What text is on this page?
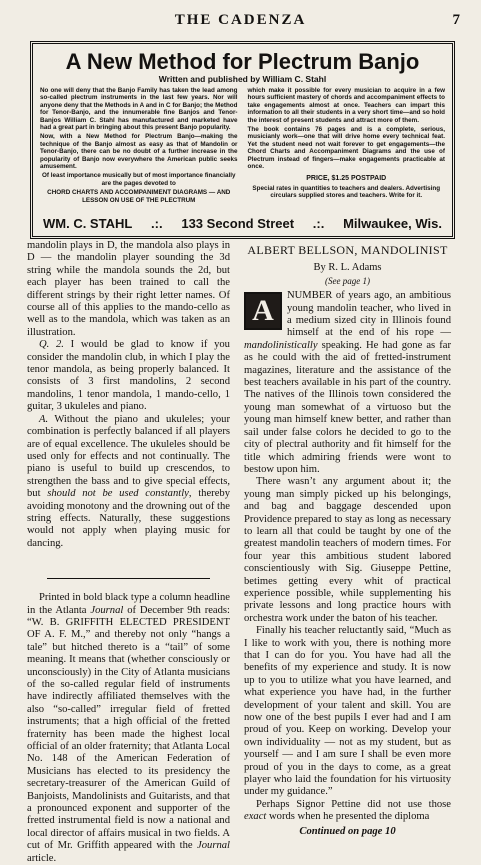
THE CADENZA	7
A New Method for Plectrum Banjo
Written and published by William C. Stahl

No one will deny that the Banjo Family has taken the lead among so-called plectrum instruments in the last few years. Nor will anyone deny that the Methods in A and in C for Banjo; the Method for Tenor-Banjo, and the innumerable fine Banjos and Tenor-Banjos William C. Stahl has manufactured and marketed have had a great part in bringing about this present Banjo popularity.

Now, with a New Method for Plectrum Banjo—making the technique of the Banjo almost as easy as that of Mandolin or Tenor-Banjo, there can be no doubt of a further increase in the popularity of Banjo now everywhere the American public seeks amusement.

Of least importance musically but of most importance financially are the pages devoted to

CHORD CHARTS AND ACCOMPANIMENT DIAGRAMS — AND LESSON ON USE OF THE PLECTRUM

which make it possible for every musician to acquire in a few hours sufficient mastery of chords and accompaniment effects to take engagements almost at once. Teachers can impart this information to all their students in a very short time—and so hold the interest of present students and attract more of them.

The book contains 76 pages and is a complete, serious, musicianly work—one that will drive home every technical feat. Yet the student need not wait forever to get engagements—the Chord Charts and Accompaniment Diagrams and the use of Plectrum instead of fingers—make engagements practicable at once.

PRICE, $1.25 POSTPAID

Special rates in quantities to teachers and dealers. Advertising circulars supplied stores and teachers. Write for it.

WM. C. STAHL .:. 133 Second Street .:. Milwaukee, Wis.

mandolin plays in D, the mandola also plays in D — the mandolin player sounding the 3d string while the mandola sounds the 2d, but each player has been trained to call the different strings by their right letter names. Of course all of this applies to the mando-cello as well as to the mandola, which was taken as an illustration.

Q. 2. I would be glad to know if you consider the mandolin club, in which I play the tenor mandola, as being properly balanced. It consists of 3 first mandolins, 2 second mandolins, 1 tenor mandola, 1 mando-cello, 1 guitar, 3 ukuleles and piano.

A. Without the piano and ukuleles; your combination is perfectly balanced if all players are of equal excellence. The ukuleles should be used only for effects and not continually. The piano is useful to build up crescendos, to strengthen the bass and to give special effects, but should not be used constantly, thereby avoiding monotony and the drowning out of the string effects. Naturally, these suggestions would not apply when playing music for dancing.

Printed in bold black type a column headline in the Atlanta Journal of December 9th reads: “W. B. GRIFFITH ELECTED PRESIDENT OF A. F. M.,” and thereby not only “hangs a tale” but hitched thereto is a “tail” of some meaning. It means that (whether consciously or unconsciously) in the City of Atlanta musicians of the so-called regular field of instruments have indirectly affiliated themselves with the also “so-called” irregular field of fretted instruments; that a high official of the fretted fraternity has been made the highest local official of an older fraternity; that Atlanta Local No. 148 of the American Federation of Musicians has elected to its presidency the secretary-treasurer of the American Guild of Banjoists, Mandolinists and Guitarists, and that a pronounced exponent and supporter of the fretted instrumental field is now a national and local director of affairs musical in two fields. A cut of Mr. Griffith appeared with the Journal article.

ALBERT BELLSON, MANDOLINIST
By R. L. Adams
(See page 1)

A	NUMBER of years ago, an ambitious young mandolin teacher, who lived in a medium sized city in Illinois found himself at the end of his rope — mandolinistically speaking. He had gone as far as he could with the aid of fretted-instrument magazines, literature and the assistance of the best teachers available in his part of the country. The natives of the Illinois town considered the young man somewhat of a virtuoso but the young man himself knew better, and rather than sail under false colors he decided to go to the city of plectral authority and fit himself for the title which admiring friends were wont to bestow upon him.

There wasn’t any argument about it; the young man simply picked up his belongings, and bag and baggage descended upon Providence prepared to stay as long as necessary to learn all that could be taught by one of the greatest mandolin teachers of modern times. For four year this ambitious student labored conscientiously with Sig. Giuseppe Pettine, betimes getting every whit of practical experience possible, while supplementing his private lessons and long practice hours with orchestra work under the baton of his teacher.

Finally his teacher reluctantly said, “Much as I like to work with you, there is nothing more that I can do for you. You have had all the benefits of my experience and study. It is now up to you to utilize what you have learned, and what experience you have had, in the further development of your talent and skill. You are now one of the best pupils I ever had and I am proud of you. Keep on working. Develop your own individuality — not as my student, but as yourself — and I am sure I shall be even more proud of you in the days to come, as a great player who laid the foundation for his virtuosity under my guidance.”

Perhaps Signor Pettine did not use those exact words when he presented the diploma

Continued on page 10
